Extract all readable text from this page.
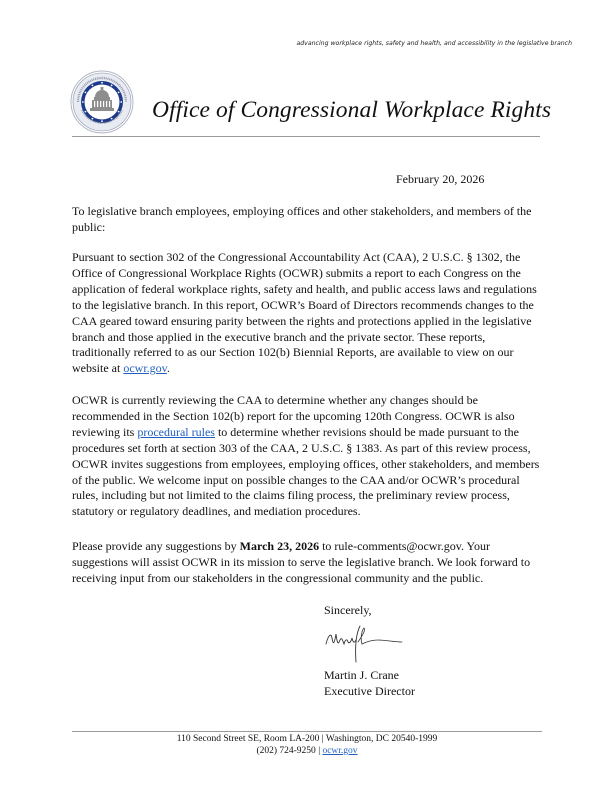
advancing workplace rights, safety and health, and accessibility in the legislative branch
Office of Congressional Workplace Rights
February 20, 2026

To legislative branch employees, employing offices and other stakeholders, and members of the public:

Pursuant to section 302 of the Congressional Accountability Act (CAA), 2 U.S.C. § 1302, the Office of Congressional Workplace Rights (OCWR) submits a report to each Congress on the application of federal workplace rights, safety and health, and public access laws and regulations to the legislative branch. In this report, OCWR’s Board of Directors recommends changes to the CAA geared toward ensuring parity between the rights and protections applied in the legislative branch and those applied in the executive branch and the private sector. These reports, traditionally referred to as our Section 102(b) Biennial Reports, are available to view on our website at ocwr.gov.

OCWR is currently reviewing the CAA to determine whether any changes should be recommended in the Section 102(b) report for the upcoming 120th Congress. OCWR is also reviewing its procedural rules to determine whether revisions should be made pursuant to the procedures set forth at section 303 of the CAA, 2 U.S.C. § 1383. As part of this review process, OCWR invites suggestions from employees, employing offices, other stakeholders, and members of the public. We welcome input on possible changes to the CAA and/or OCWR’s procedural rules, including but not limited to the claims filing process, the preliminary review process, statutory or regulatory deadlines, and mediation procedures.

Please provide any suggestions by March 23, 2026 to rule-comments@ocwr.gov. Your suggestions will assist OCWR in its mission to serve the legislative branch. We look forward to receiving input from our stakeholders in the congressional community and the public.

Sincerely,
Martin J. Crane
Executive Director
110 Second Street SE, Room LA-200 | Washington, DC 20540-1999
(202) 724-9250 | ocwr.gov
